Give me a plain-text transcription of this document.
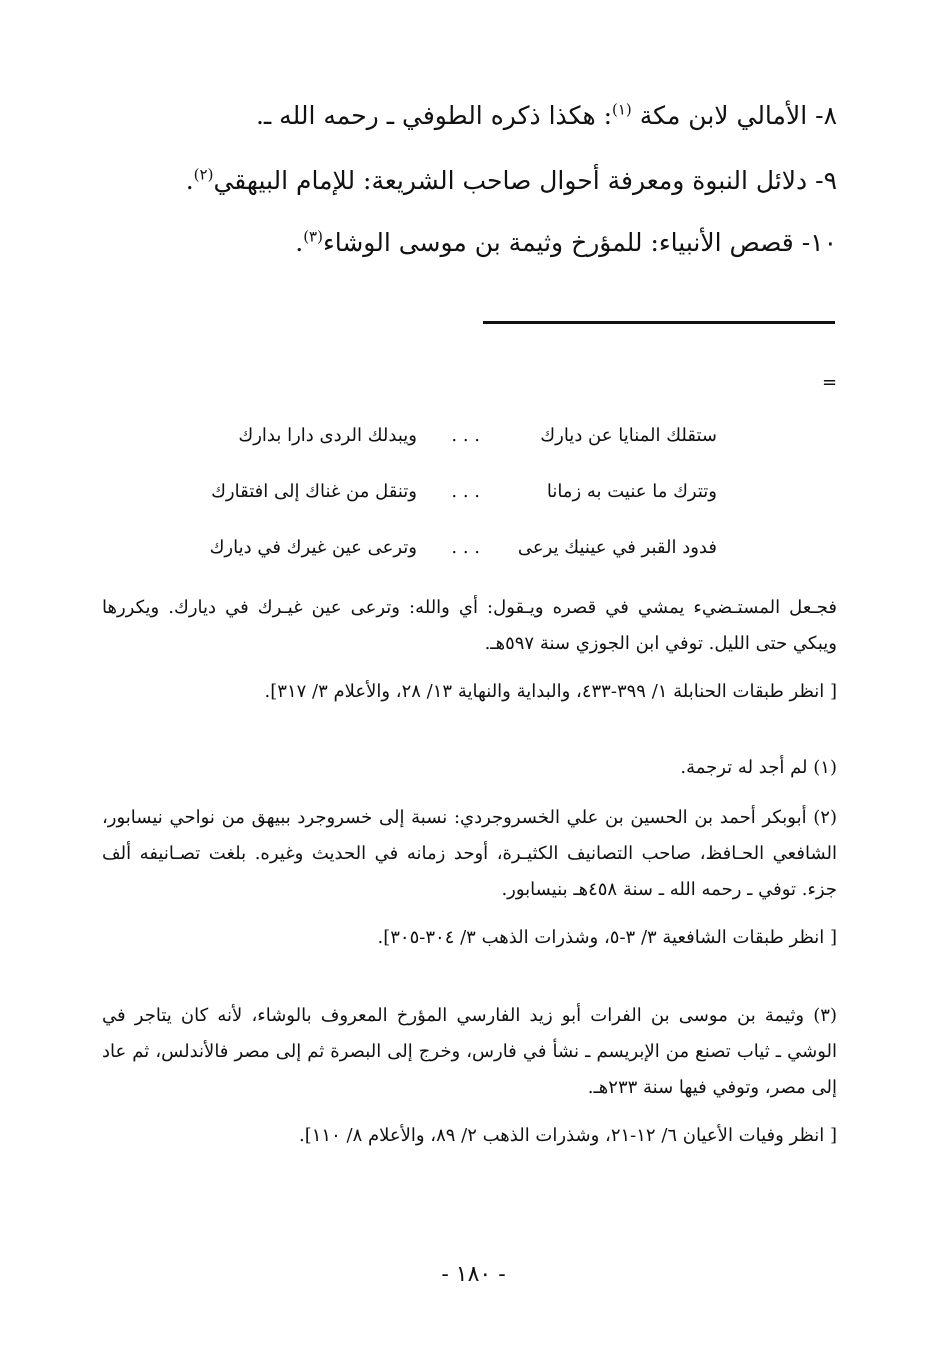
٨- الأمالي لابن مكة $^{(١)}$: هكذا ذكره الطوفي ـ رحمه الله ـ.
٩- دلائل النبوة ومعرفة أحوال صاحب الشريعة: للإمام البيهقي$^{(٢)}$.
١٠- قصص الأنبياء: للمؤرخ وثيمة بن موسى الوشاء$^{(٣)}$.
=
ستقلك المنايا عن ديارك
. . .
ويبدلك الردى دارا بدارك
وتترك ما عنيت به زمانا
. . .
وتنقل من غناك إلى افتقارك
فدود القبر في عينيك يرعى
. . .
وترعى عين غيرك في ديارك

فجـعل المستـضيء يمشي في قصره ويـقول: أي والله: وترعى عين غيـرك في ديارك. ويكررها ويبكي حتى الليل. توفي ابن الجوزي سنة ٥٩٧هـ.

[ انظر طبقات الحنابلة ١/ ٣٩٩-٤٣٣، والبداية والنهاية ١٣/ ٢٨، والأعلام ٣/ ٣١٧].

(١) لم أجد له ترجمة.

(٢) أبوبكر أحمد بن الحسين بن علي الخسروجردي: نسبة إلى خسروجرد ببيهق من نواحي نيسابور، الشافعي الحـافظ، صاحب التصانيف الكثيـرة، أوحد زمانه في الحديث وغيره. بلغت تصـانيفه ألف جزء. توفي ـ رحمه الله ـ سنة ٤٥٨هـ بنيسابور.

[ انظر طبقات الشافعية ٣/ ٣-٥، وشذرات الذهب ٣/ ٣٠٤-٣٠٥].

(٣) وثيمة بن موسى بن الفرات أبو زيد الفارسي المؤرخ المعروف بالوشاء، لأنه كان يتاجر في الوشي ـ ثياب تصنع من الإبريسم ـ نشأ في فارس، وخرج إلى البصرة ثم إلى مصر فالأندلس، ثم عاد إلى مصر، وتوفي فيها سنة ٢٣٣هـ.

[ انظر وفيات الأعيان ٦/ ١٢-٢١، وشذرات الذهب ٢/ ٨٩، والأعلام ٨/ ١١٠].

- ١٨٠ -
